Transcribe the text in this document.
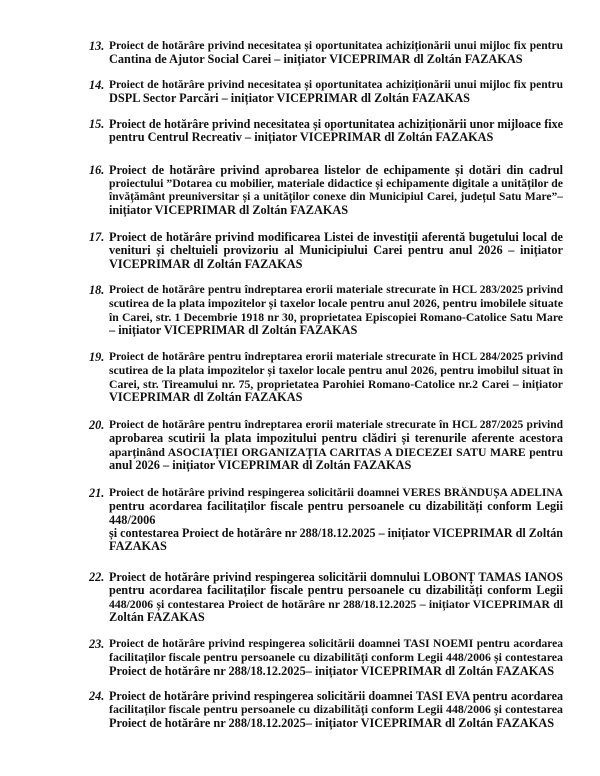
13. Proiect de hotărâre privind necesitatea și oportunitatea achiziționării unui mijloc fix pentru
Cantina de Ajutor Social Carei – inițiator VICEPRIMAR dl Zoltán FAZAKAS
14. Proiect de hotărâre privind necesitatea și oportunitatea achiziționării unui mijloc fix pentru
DSPL Sector Parcări – inițiator VICEPRIMAR dl Zoltán FAZAKAS
15. Proiect de hotărâre privind necesitatea și oportunitatea achiziționării unor mijloace fixe
pentru Centrul Recreativ – inițiator VICEPRIMAR dl Zoltán FAZAKAS
16. Proiect de hotărâre privind aprobarea listelor de echipamente și dotări din cadrul
proiectului ”Dotarea cu mobilier, materiale didactice și echipamente digitale a unităților de
învățământ preuniversitar și a unităților conexe din Municipiul Carei, județul Satu Mare”–
inițiator VICEPRIMAR dl Zoltán FAZAKAS
17. Proiect de hotărâre privind modificarea Listei de investiții aferentă bugetului local de
venituri și cheltuieli provizoriu al Municipiului Carei pentru anul 2026 – inițiator
VICEPRIMAR dl Zoltán FAZAKAS
18. Proiect de hotărâre pentru îndreptarea erorii materiale strecurate în HCL 283/2025 privind
scutirea de la plata impozitelor și taxelor locale pentru anul 2026, pentru imobilele situate
în Carei, str. 1 Decembrie 1918 nr 30, proprietatea Episcopiei Romano-Catolice Satu Mare
– inițiator VICEPRIMAR dl Zoltán FAZAKAS
19. Proiect de hotărâre pentru îndreptarea erorii materiale strecurate în HCL 284/2025 privind
scutirea de la plata impozitelor și taxelor locale pentru anul 2026, pentru imobilul situat în
Carei, str. Tireamului nr. 75, proprietatea Parohiei Romano-Catolice nr.2 Carei – inițiator
VICEPRIMAR dl Zoltán FAZAKAS
20. Proiect de hotărâre pentru îndreptarea erorii materiale strecurate în HCL 287/2025 privind
aprobarea scutirii la plata impozitului pentru clădiri și terenurile aferente acestora
aparținând ASOCIAȚIEI ORGANIZAȚIA CARITAS A DIECEZEI SATU MARE pentru
anul 2026 – inițiator VICEPRIMAR dl Zoltán FAZAKAS
21. Proiect de hotărâre privind respingerea solicitării doamnei VERES BRÂNDUȘA ADELINA
pentru acordarea facilitaților fiscale pentru persoanele cu dizabilități conform Legii
448/2006
și contestarea Proiect de hotărâre nr 288/18.12.2025 – inițiator VICEPRIMAR dl Zoltán
FAZAKAS
22. Proiect de hotărâre privind respingerea solicitării domnului LOBONȚ TAMAS IANOS
pentru acordarea facilitaților fiscale pentru persoanele cu dizabilități conform Legii
448/2006 și contestarea Proiect de hotărâre nr 288/18.12.2025 – inițiator VICEPRIMAR dl
Zoltán FAZAKAS
23. Proiect de hotărâre privind respingerea solicitării doamnei TASI NOEMI pentru acordarea
facilitaților fiscale pentru persoanele cu dizabilități conform Legii 448/2006 și contestarea
Proiect de hotărâre nr 288/18.12.2025– inițiator VICEPRIMAR dl Zoltán FAZAKAS
24. Proiect de hotărâre privind respingerea solicitării doamnei TASI EVA pentru acordarea
facilitaților fiscale pentru persoanele cu dizabilități conform Legii 448/2006 și contestarea
Proiect de hotărâre nr 288/18.12.2025– inițiator VICEPRIMAR dl Zoltán FAZAKAS
